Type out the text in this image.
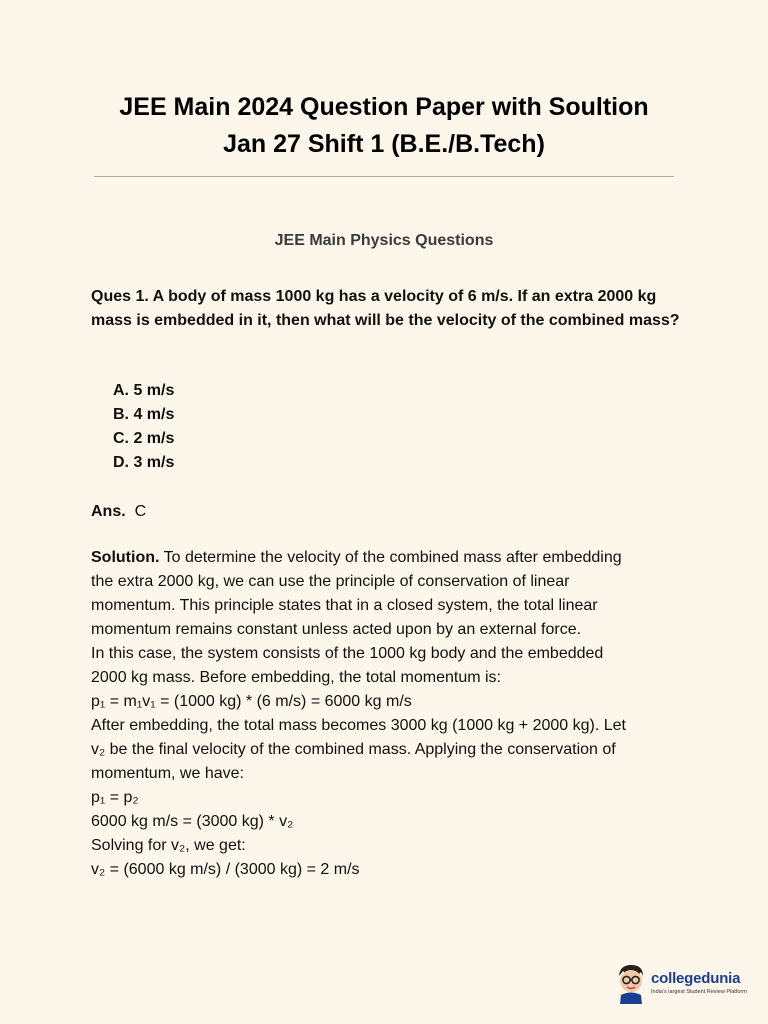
JEE Main 2024 Question Paper with Soultion
Jan 27 Shift 1 (B.E./B.Tech)
JEE Main Physics Questions
Ques 1. A body of mass 1000 kg has a velocity of 6 m/s. If an extra 2000 kg mass is embedded in it, then what will be the velocity of the combined mass?
A. 5 m/s
B. 4 m/s
C. 2 m/s
D. 3 m/s
Ans. C
Solution. To determine the velocity of the combined mass after embedding
the extra 2000 kg, we can use the principle of conservation of linear
momentum. This principle states that in a closed system, the total linear
momentum remains constant unless acted upon by an external force.
In this case, the system consists of the 1000 kg body and the embedded
2000 kg mass. Before embedding, the total momentum is:
p₁ = m₁v₁ = (1000 kg) * (6 m/s) = 6000 kg m/s
After embedding, the total mass becomes 3000 kg (1000 kg + 2000 kg). Let
v₂ be the final velocity of the combined mass. Applying the conservation of
momentum, we have:
p₁ = p₂
6000 kg m/s = (3000 kg) * v₂
Solving for v₂, we get:
v₂ = (6000 kg m/s) / (3000 kg) = 2 m/s
collegedunia
India's largest Student Review Platform
